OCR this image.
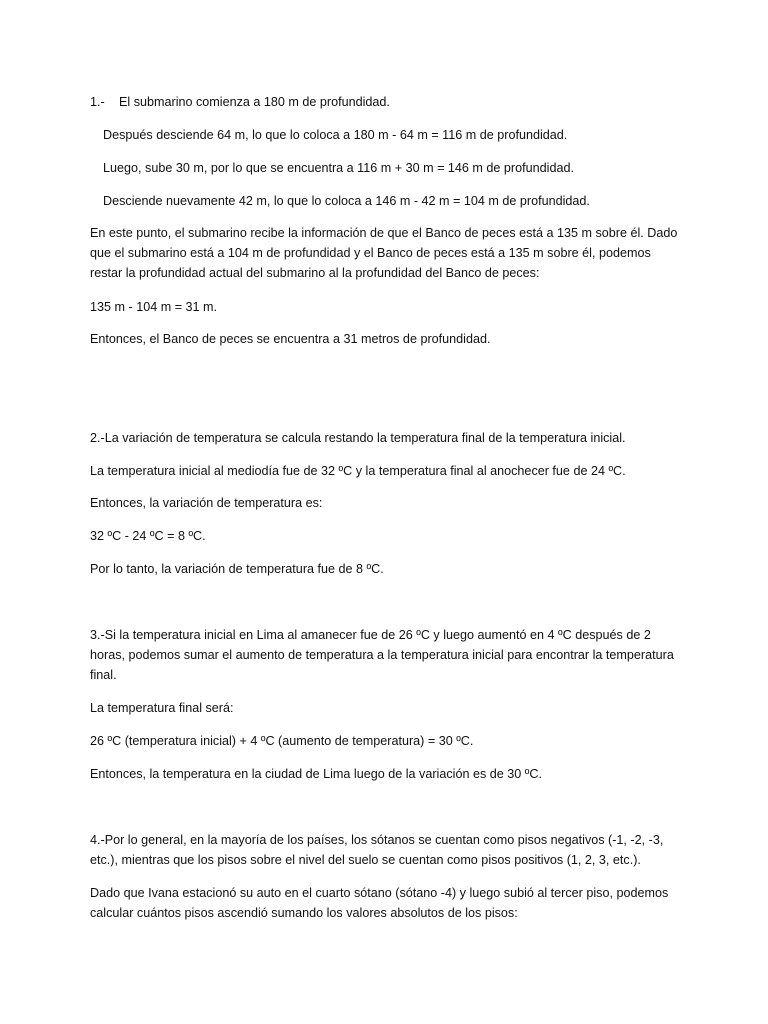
1.- El submarino comienza a 180 m de profundidad.

Después desciende 64 m, lo que lo coloca a 180 m - 64 m = 116 m de profundidad.

Luego, sube 30 m, por lo que se encuentra a 116 m + 30 m = 146 m de profundidad.

Desciende nuevamente 42 m, lo que lo coloca a 146 m - 42 m = 104 m de profundidad.

En este punto, el submarino recibe la información de que el Banco de peces está a 135 m sobre él. Dado que el submarino está a 104 m de profundidad y el Banco de peces está a 135 m sobre él, podemos restar la profundidad actual del submarino al la profundidad del Banco de peces:

135 m - 104 m = 31 m.

Entonces, el Banco de peces se encuentra a 31 metros de profundidad.

2.-La variación de temperatura se calcula restando la temperatura final de la temperatura inicial.

La temperatura inicial al mediodía fue de 32 ºC y la temperatura final al anochecer fue de 24 ºC.

Entonces, la variación de temperatura es:

32 ºC - 24 ºC = 8 ºC.

Por lo tanto, la variación de temperatura fue de 8 ºC.

3.-Si la temperatura inicial en Lima al amanecer fue de 26 ºC y luego aumentó en 4 ºC después de 2 horas, podemos sumar el aumento de temperatura a la temperatura inicial para encontrar la temperatura final.

La temperatura final será:

26 ºC (temperatura inicial) + 4 ºC (aumento de temperatura) = 30 ºC.

Entonces, la temperatura en la ciudad de Lima luego de la variación es de 30 ºC.

4.-Por lo general, en la mayoría de los países, los sótanos se cuentan como pisos negativos (-1, -2, -3, etc.), mientras que los pisos sobre el nivel del suelo se cuentan como pisos positivos (1, 2, 3, etc.).

Dado que Ivana estacionó su auto en el cuarto sótano (sótano -4) y luego subió al tercer piso, podemos calcular cuántos pisos ascendió sumando los valores absolutos de los pisos:
